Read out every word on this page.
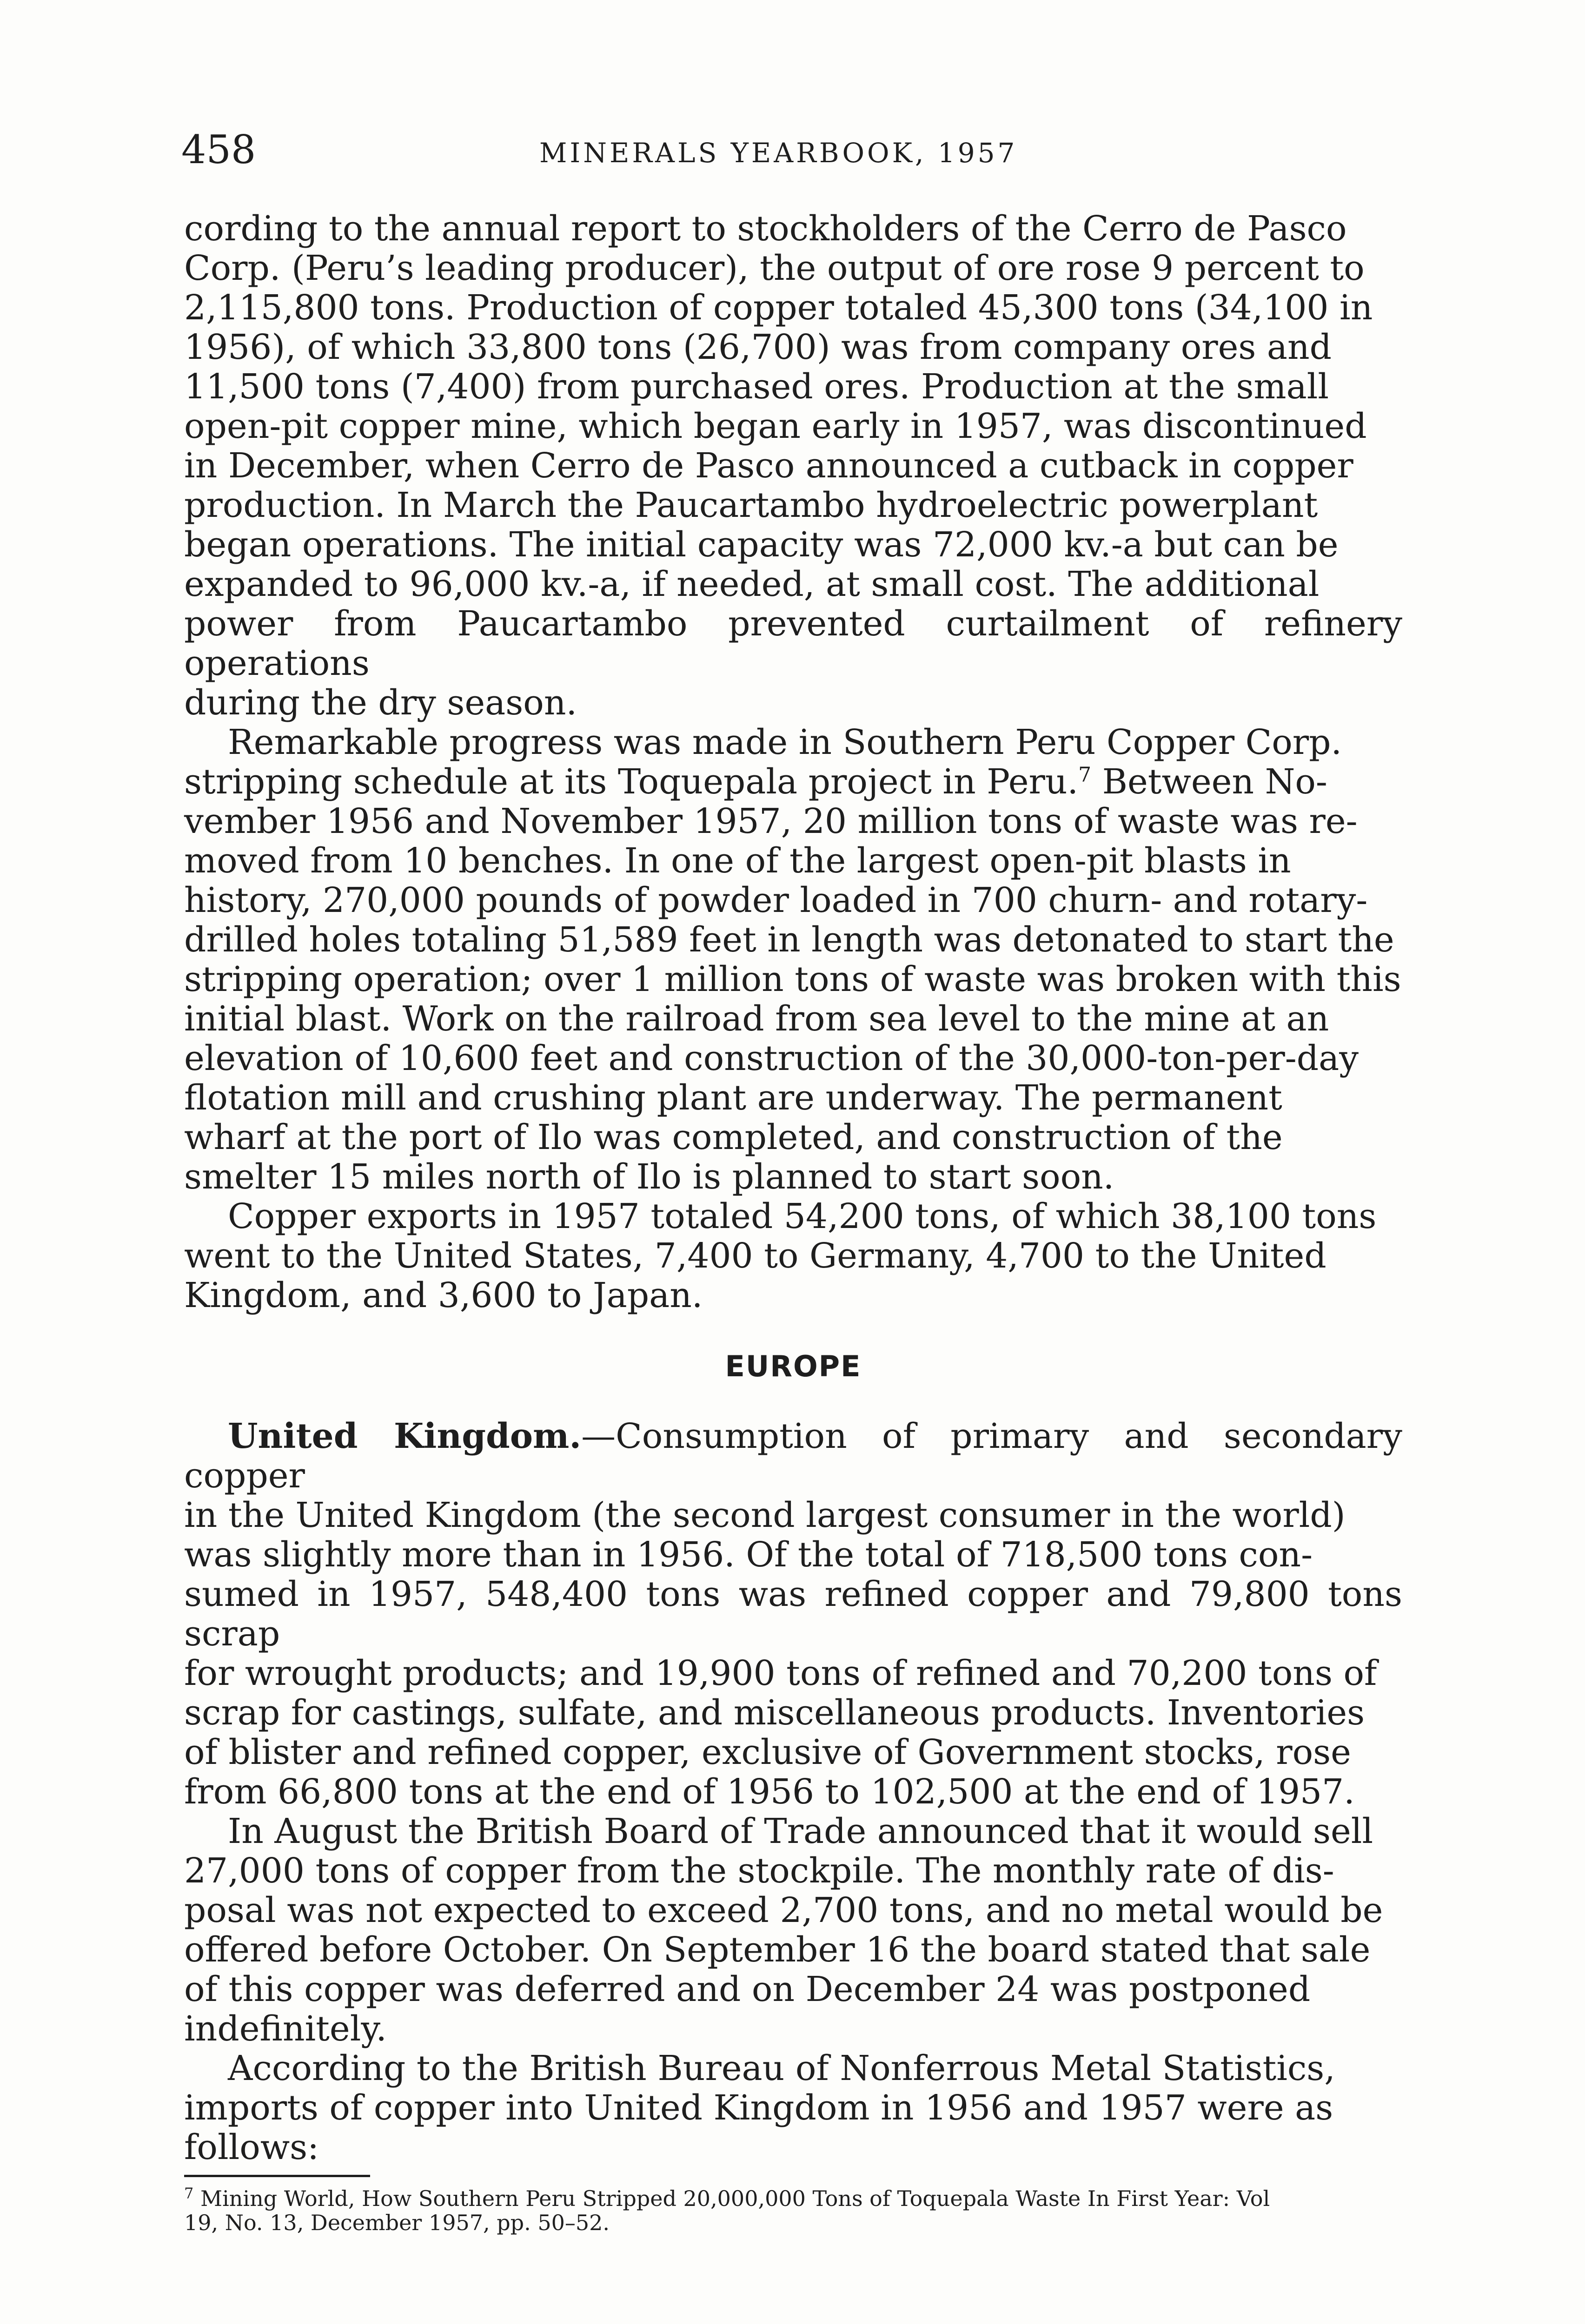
458	MINERALS YEARBOOK, 1957

cording to the annual report to stockholders of the Cerro de Pasco
Corp. (Peru’s leading producer), the output of ore rose 9 percent to
2,115,800 tons. Production of copper totaled 45,300 tons (34,100 in
1956), of which 33,800 tons (26,700) was from company ores and
11,500 tons (7,400) from purchased ores. Production at the small
open-pit copper mine, which began early in 1957, was discontinued
in December, when Cerro de Pasco announced a cutback in copper
production. In March the Paucartambo hydroelectric powerplant
began operations. The initial capacity was 72,000 kv.-a but can be
expanded to 96,000 kv.-a, if needed, at small cost. The additional
power from Paucartambo prevented curtailment of refinery operations
during the dry season.

Remarkable progress was made in Southern Peru Copper Corp.
stripping schedule at its Toquepala project in Peru.$^7$ Between No-
vember 1956 and November 1957, 20 million tons of waste was re-
moved from 10 benches. In one of the largest open-pit blasts in
history, 270,000 pounds of powder loaded in 700 churn- and rotary-
drilled holes totaling 51,589 feet in length was detonated to start the
stripping operation; over 1 million tons of waste was broken with this
initial blast. Work on the railroad from sea level to the mine at an
elevation of 10,600 feet and construction of the 30,000-ton-per-day
flotation mill and crushing plant are underway. The permanent
wharf at the port of Ilo was completed, and construction of the
smelter 15 miles north of Ilo is planned to start soon.

Copper exports in 1957 totaled 54,200 tons, of which 38,100 tons
went to the United States, 7,400 to Germany, 4,700 to the United
Kingdom, and 3,600 to Japan.

EUROPE

United Kingdom.—Consumption of primary and secondary copper
in the United Kingdom (the second largest consumer in the world)
was slightly more than in 1956. Of the total of 718,500 tons con-
sumed in 1957, 548,400 tons was refined copper and 79,800 tons scrap
for wrought products; and 19,900 tons of refined and 70,200 tons of
scrap for castings, sulfate, and miscellaneous products. Inventories
of blister and refined copper, exclusive of Government stocks, rose
from 66,800 tons at the end of 1956 to 102,500 at the end of 1957.

In August the British Board of Trade announced that it would sell
27,000 tons of copper from the stockpile. The monthly rate of dis-
posal was not expected to exceed 2,700 tons, and no metal would be
offered before October. On September 16 the board stated that sale
of this copper was deferred and on December 24 was postponed
indefinitely.

According to the British Bureau of Nonferrous Metal Statistics,
imports of copper into United Kingdom in 1956 and 1957 were as
follows:

$^7$ Mining World, How Southern Peru Stripped 20,000,000 Tons of Toquepala Waste In First Year: Vol
19, No. 13, December 1957, pp. 50–52.
